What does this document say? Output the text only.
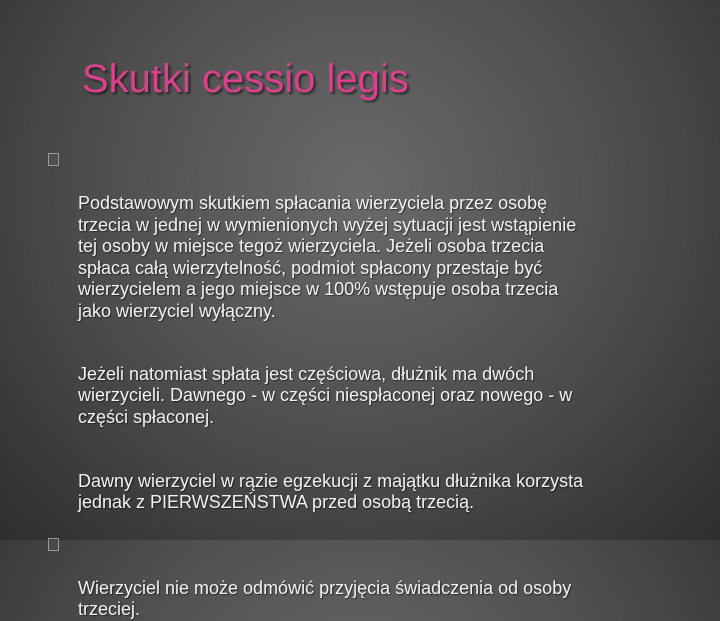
Skutki cessio legis

Podstawowym skutkiem spłacania wierzyciela przez osobę
trzecia w jednej w wymienionych wyżej sytuacji jest wstąpienie
tej osoby w miejsce tegoż wierzyciela. Jeżeli osoba trzecia
spłaca całą wierzytelność, podmiot spłacony przestaje być
wierzycielem a jego miejsce w 100% wstępuje osoba trzecia
jako wierzyciel wyłączny.

Jeżeli natomiast spłata jest częściowa, dłużnik ma dwóch
wierzycieli. Dawnego - w części niespłaconej oraz nowego - w
części spłaconej.

Dawny wierzyciel w rązie egzekucji z majątku dłużnika korzysta
jednak z PIERWSZEŃSTWA przed osobą trzecią.

Wierzyciel nie może odmówić przyjęcia świadczenia od osoby
trzeciej.
